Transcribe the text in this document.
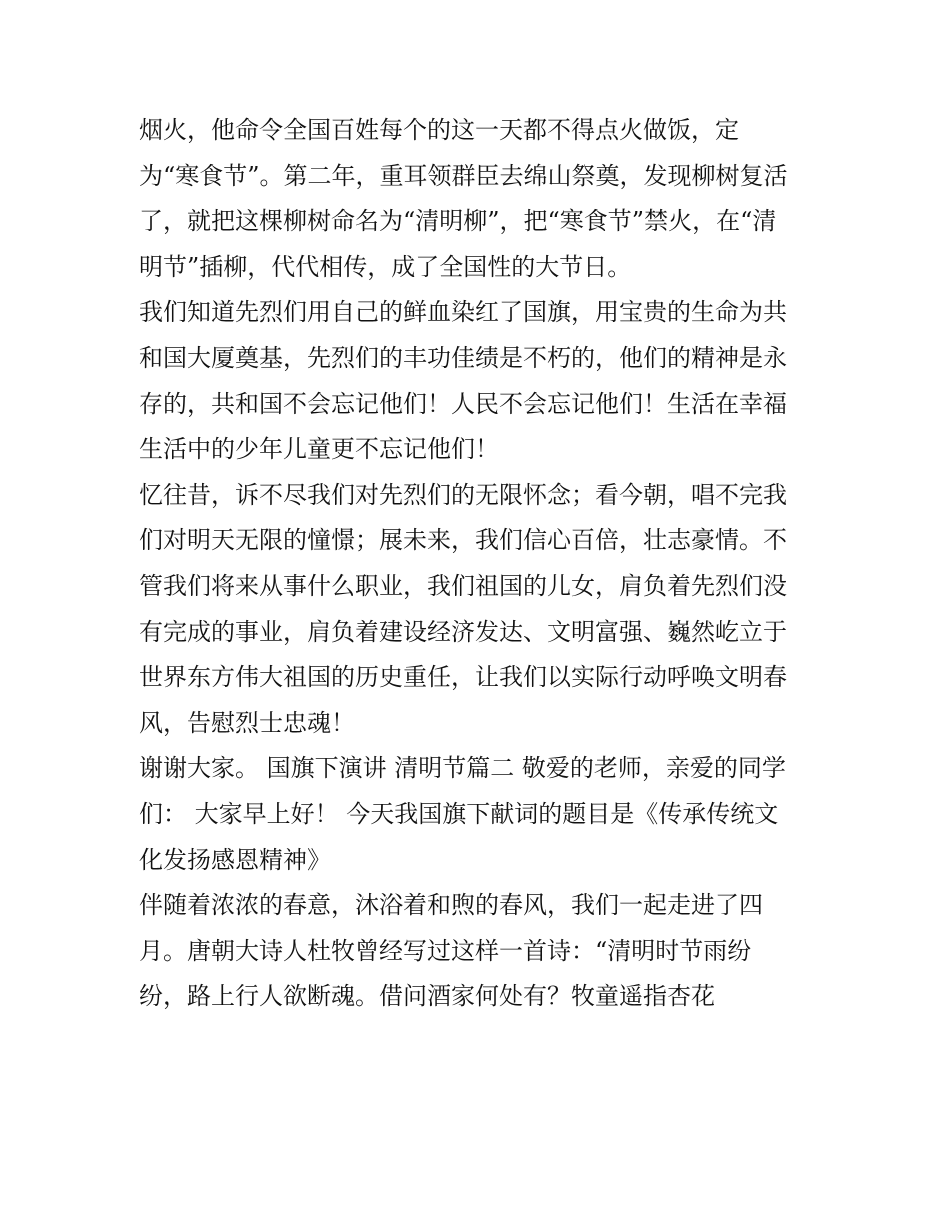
烟火，他命令全国百姓每个的这一天都不得点火做饭，定
为“寒食节”。第二年，重耳领群臣去绵山祭奠，发现柳树复活
了，就把这棵柳树命名为“清明柳”，把“寒食节”禁火，在“清
明节”插柳，代代相传，成了全国性的大节日。
我们知道先烈们用自己的鲜血染红了国旗，用宝贵的生命为共
和国大厦奠基，先烈们的丰功佳绩是不朽的，他们的精神是永
存的，共和国不会忘记他们！人民不会忘记他们！生活在幸福
生活中的少年儿童更不忘记他们！
忆往昔，诉不尽我们对先烈们的无限怀念；看今朝，唱不完我
们对明天无限的憧憬；展未来，我们信心百倍，壮志豪情。不
管我们将来从事什么职业，我们祖国的儿女，肩负着先烈们没
有完成的事业，肩负着建设经济发达、文明富强、巍然屹立于
世界东方伟大祖国的历史重任，让我们以实际行动呼唤文明春
风，告慰烈士忠魂！
谢谢大家。 国旗下演讲 清明节篇二 敬爱的老师，亲爱的同学
们： 大家早上好！ 今天我国旗下献词的题目是《传承传统文
化发扬感恩精神》
伴随着浓浓的春意，沐浴着和煦的春风，我们一起走进了四
月。唐朝大诗人杜牧曾经写过这样一首诗：“清明时节雨纷
纷，路上行人欲断魂。借问酒家何处有？牧童遥指杏花
